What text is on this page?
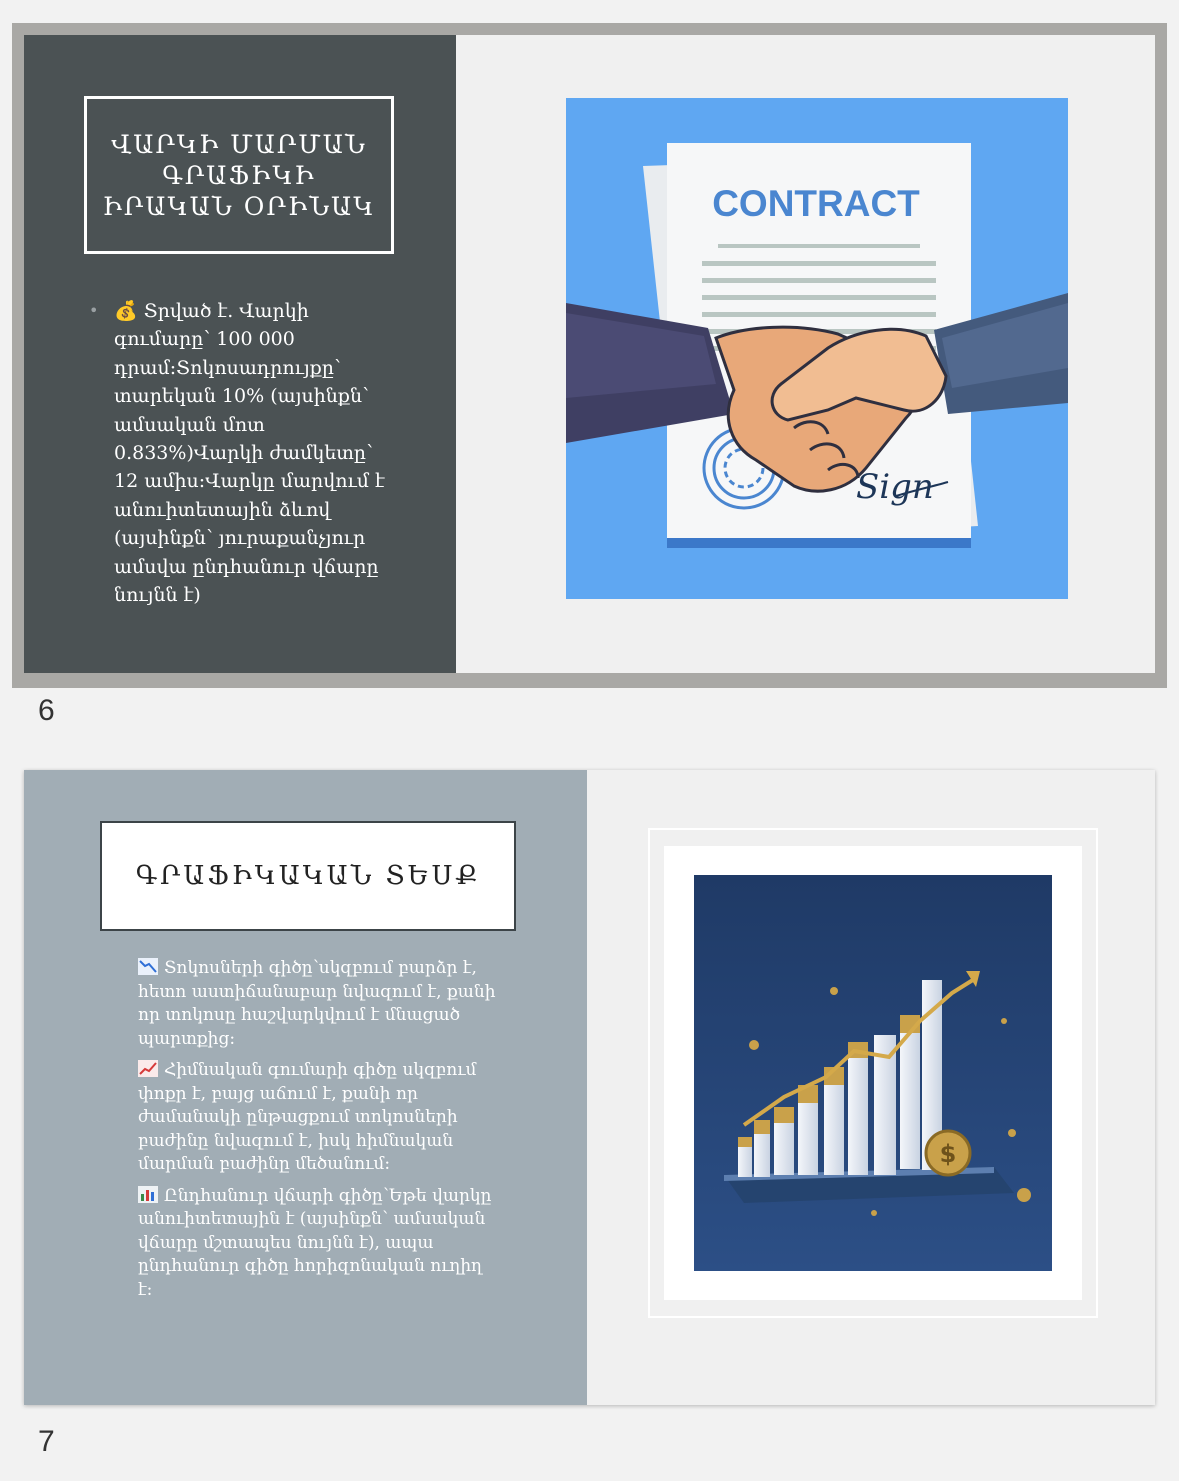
ՎԱՐԿԻ ՄԱՐՄԱՆ ԳՐԱՖԻԿԻ ԻՐԱԿԱՆ ՕՐԻՆԱԿ
• 💰 Տրված է. Վարկի գումարը՝ 100 000 դրամ։Տոկոսադրույքը՝ տարեկան 10% (այսինքն՝ ամսական մոտ 0.833%)Վարկի ժամկետը՝ 12 ամիս։Վարկը մարվում է անուիտետային ձևով (այսինքն՝ յուրաքանչյուր ամսվա ընդհանուր վճարը նույնն է)
CONTRACT
Sign
6
ԳՐԱՖԻԿԱԿԱՆ ՏԵՍՔ
Տոկոսների գիծը՝սկզբում բարձր է, հետո աստիճանաբար նվազում է, քանի որ տոկոսը հաշվարկվում է մնացած պարտքից։
Հիմնական գումարի գիծը սկզբում փոքր է, բայց աճում է, քանի որ ժամանակի ընթացքում տոկոսների բաժինը նվազում է, իսկ հիմնական մարման բաժինը մեծանում։
Ընդհանուր վճարի գիծը՝Եթե վարկը անուիտետային է (այսինքն՝ ամսական վճարը մշտապես նույնն է), ապա ընդհանուր գիծը հորիզոնական ուղիղ է։
$
7
